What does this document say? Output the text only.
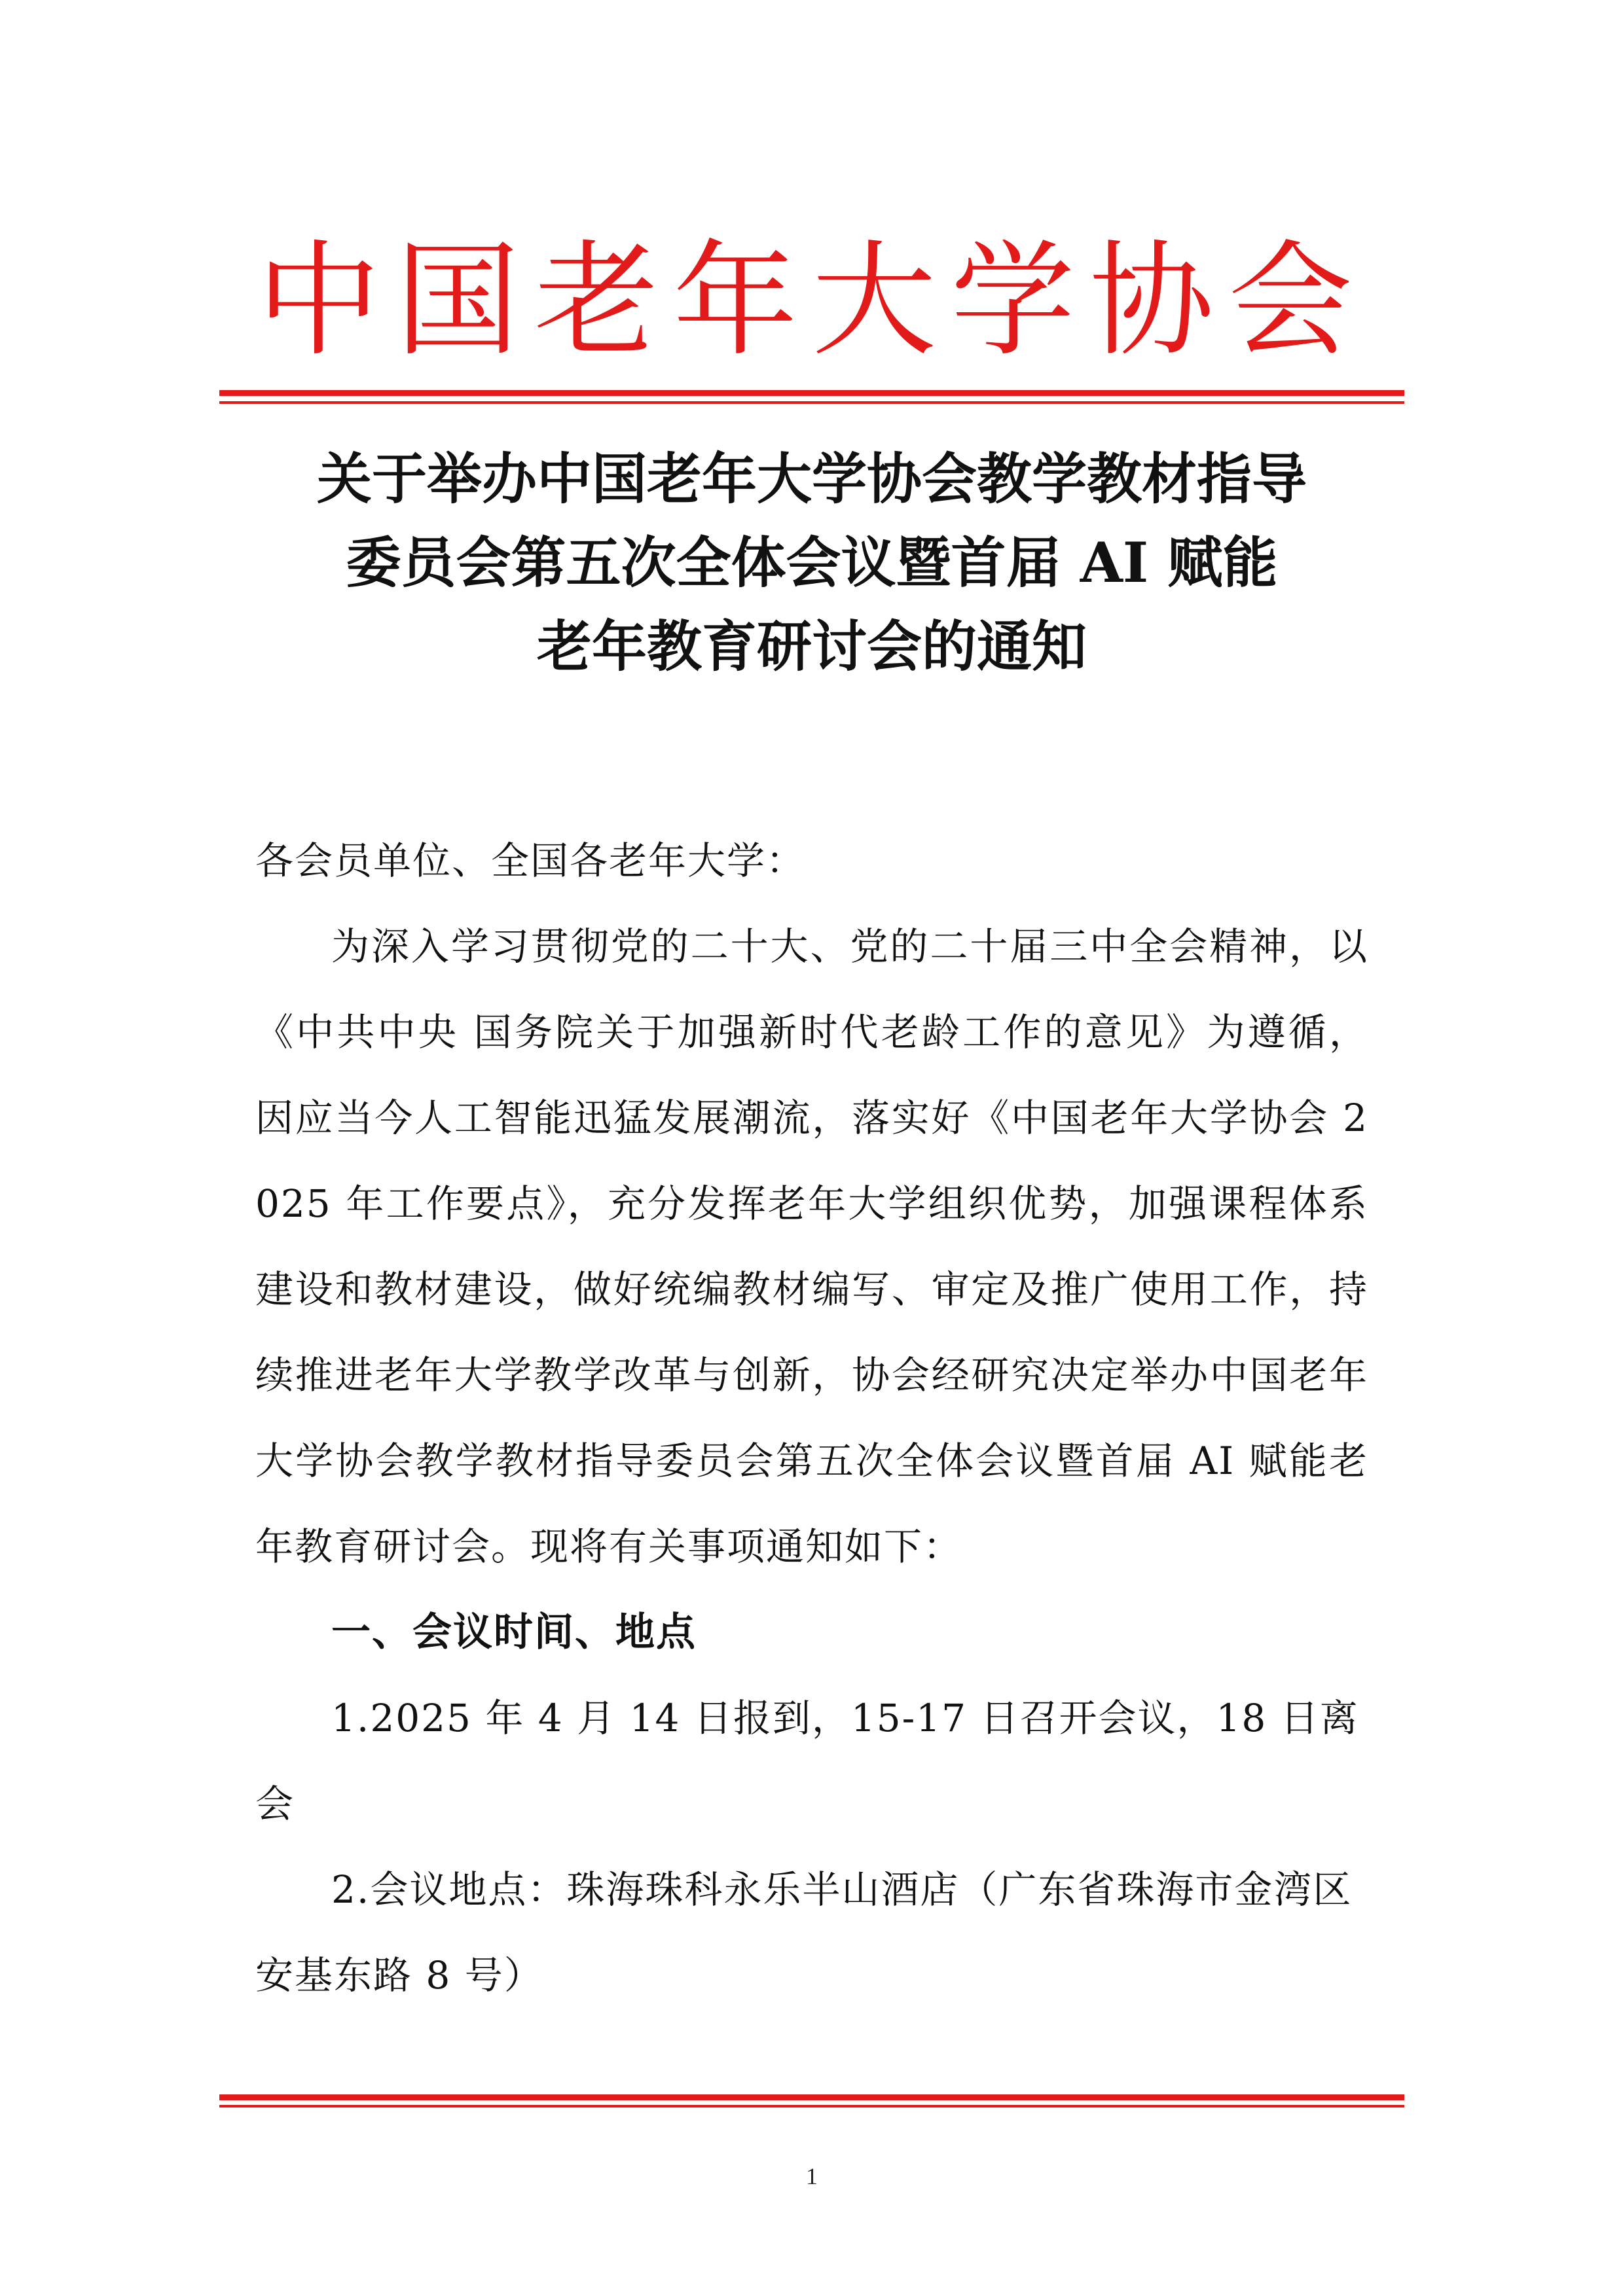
中国老年大学协会
关于举办中国老年大学协会教学教材指导
委员会第五次全体会议暨首届 AI 赋能
老年教育研讨会的通知

各会员单位、全国各老年大学：

为深入学习贯彻党的二十大、党的二十届三中全会精神，以《中共中央 国务院关于加强新时代老龄工作的意见》为遵循，因应当今人工智能迅猛发展潮流，落实好《中国老年大学协会 2025 年工作要点》，充分发挥老年大学组织优势，加强课程体系建设和教材建设，做好统编教材编写、审定及推广使用工作，持续推进老年大学教学改革与创新，协会经研究决定举办中国老年大学协会教学教材指导委员会第五次全体会议暨首届 AI 赋能老年教育研讨会。现将有关事项通知如下：

一、会议时间、地点

1.2025 年 4 月 14 日报到，15-17 日召开会议，18 日离会

2.会议地点：珠海珠科永乐半山酒店（广东省珠海市金湾区安基东路 8 号）

1
